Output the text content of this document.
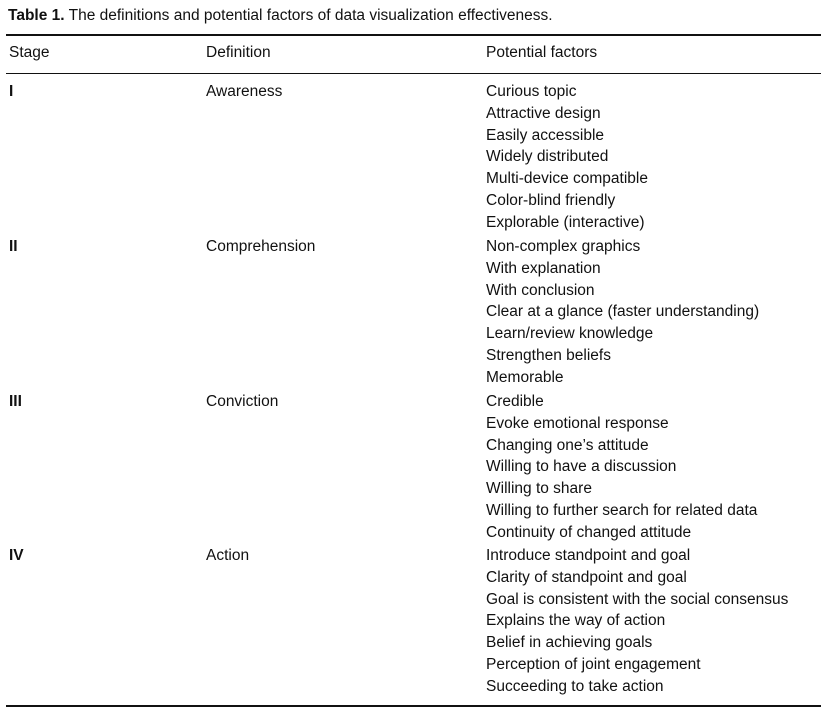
Table 1. The definitions and potential factors of data visualization effectiveness.
Stage	Definition	Potential factors
I	Awareness	Curious topic
Attractive design
Easily accessible
Widely distributed
Multi-device compatible
Color-blind friendly
Explorable (interactive)
II	Comprehension	Non-complex graphics
With explanation
With conclusion
Clear at a glance (faster understanding)
Learn/review knowledge
Strengthen beliefs
Memorable
III	Conviction	Credible
Evoke emotional response
Changing one’s attitude
Willing to have a discussion
Willing to share
Willing to further search for related data
Continuity of changed attitude
IV	Action	Introduce standpoint and goal
Clarity of standpoint and goal
Goal is consistent with the social consensus
Explains the way of action
Belief in achieving goals
Perception of joint engagement
Succeeding to take action
